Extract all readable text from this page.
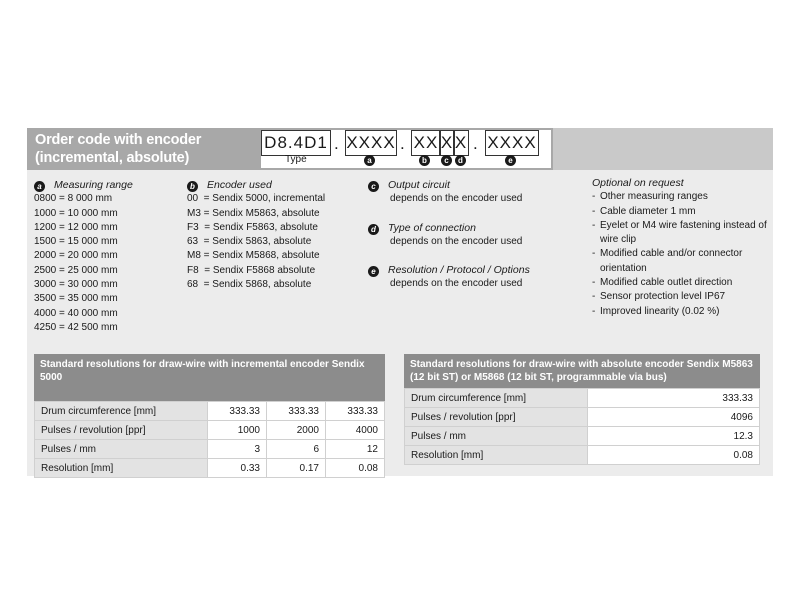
Order code with encoder
(incremental, absolute)
D8.4D1
Type
. XXXX . XX X X . XXXX
a	b	c	d	e
a Measuring range
0800 = 8 000 mm
1000 = 10 000 mm
1200 = 12 000 mm
1500 = 15 000 mm
2000 = 20 000 mm
2500 = 25 000 mm
3000 = 30 000 mm
3500 = 35 000 mm
4000 = 40 000 mm
4250 = 42 500 mm
b Encoder used
00  = Sendix 5000, incremental
M3 = Sendix M5863, absolute
F3  = Sendix F5863, absolute
63  = Sendix 5863, absolute
M8 = Sendix M5868, absolute
F8  = Sendix F5868 absolute
68  = Sendix 5868, absolute
c Output circuit
depends on the encoder used
d Type of connection
depends on the encoder used
e Resolution / Protocol / Options
depends on the encoder used
Optional on request
- Other measuring ranges
- Cable diameter 1 mm
- Eyelet or M4 wire fastening instead of wire clip
- Modified cable and/or connector orientation
- Modified cable outlet direction
- Sensor protection level IP67
- Improved linearity (0.02 %)
Standard resolutions for draw-wire with incremental encoder Sendix 5000

Drum circumference [mm]	333.33	333.33	333.33
Pulses / revolution [ppr]	1000	2000	4000
Pulses / mm	3	6	12
Resolution [mm]	0.33	0.17	0.08
Standard resolutions for draw-wire with absolute encoder Sendix M5863
(12 bit ST) or M5868 (12 bit ST, programmable via bus)
Drum circumference [mm]	333.33
Pulses / revolution [ppr]	4096
Pulses / mm	12.3
Resolution [mm]	0.08
